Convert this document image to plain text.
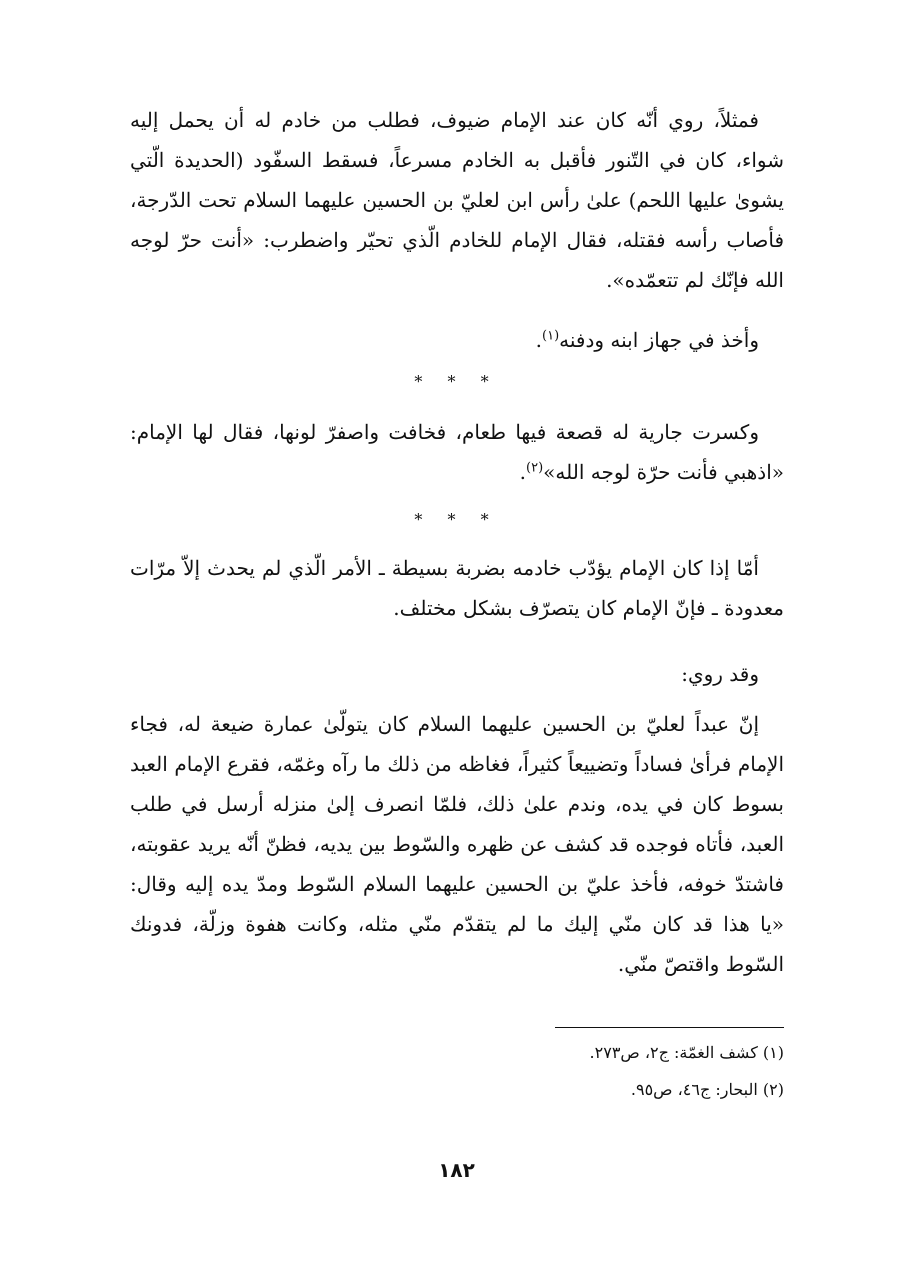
فمثلاً، روي أنّه كان عند الإمام ضيوف، فطلب من خادم له أن يحمل إليه شواء، كان في التّنور فأقبل به الخادم مسرعاً، فسقط السفّود (الحديدة الّتي يشوىٰ عليها اللحم) علىٰ رأس ابن لعليّ بن الحسين عليهما السلام تحت الدّرجة، فأصاب رأسه فقتله، فقال الإمام للخادم الّذي تحيّر واضطرب: «أنت حرّ لوجه الله فإنّك لم تتعمّده».

وأخذ في جهاز ابنه ودفنه$^{(١)}$.

* * *

وكسرت جارية له قصعة فيها طعام، فخافت واصفرّ لونها، فقال لها الإمام: «اذهبي فأنت حرّة لوجه الله»$^{(٢)}$.

* * *

أمّا إذا كان الإمام يؤدّب خادمه بضربة بسيطة ـ الأمر الّذي لم يحدث إلاّ مرّات معدودة ـ فإنّ الإمام كان يتصرّف بشكل مختلف.

وقد روي:

إنّ عبداً لعليّ بن الحسين عليهما السلام كان يتولّىٰ عمارة ضيعة له، فجاء الإمام فرأىٰ فساداً وتضييعاً كثيراً، فغاظه من ذلك ما رآه وغمّه، فقرع الإمام العبد بسوط كان في يده، وندم علىٰ ذلك، فلمّا انصرف إلىٰ منزله أرسل في طلب العبد، فأتاه فوجده قد كشف عن ظهره والسّوط بين يديه، فظنّ أنّه يريد عقوبته، فاشتدّ خوفه، فأخذ عليّ بن الحسين عليهما السلام السّوط ومدّ يده إليه وقال: «يا هذا قد كان منّي إليك ما لم يتقدّم منّي مثله، وكانت هفوة وزلّة، فدونك السّوط واقتصّ منّي.

(١) كشف الغمّة: ج٢، ص٢٧٣.

(٢) البحار: ج٤٦، ص٩٥.

١٨٢
